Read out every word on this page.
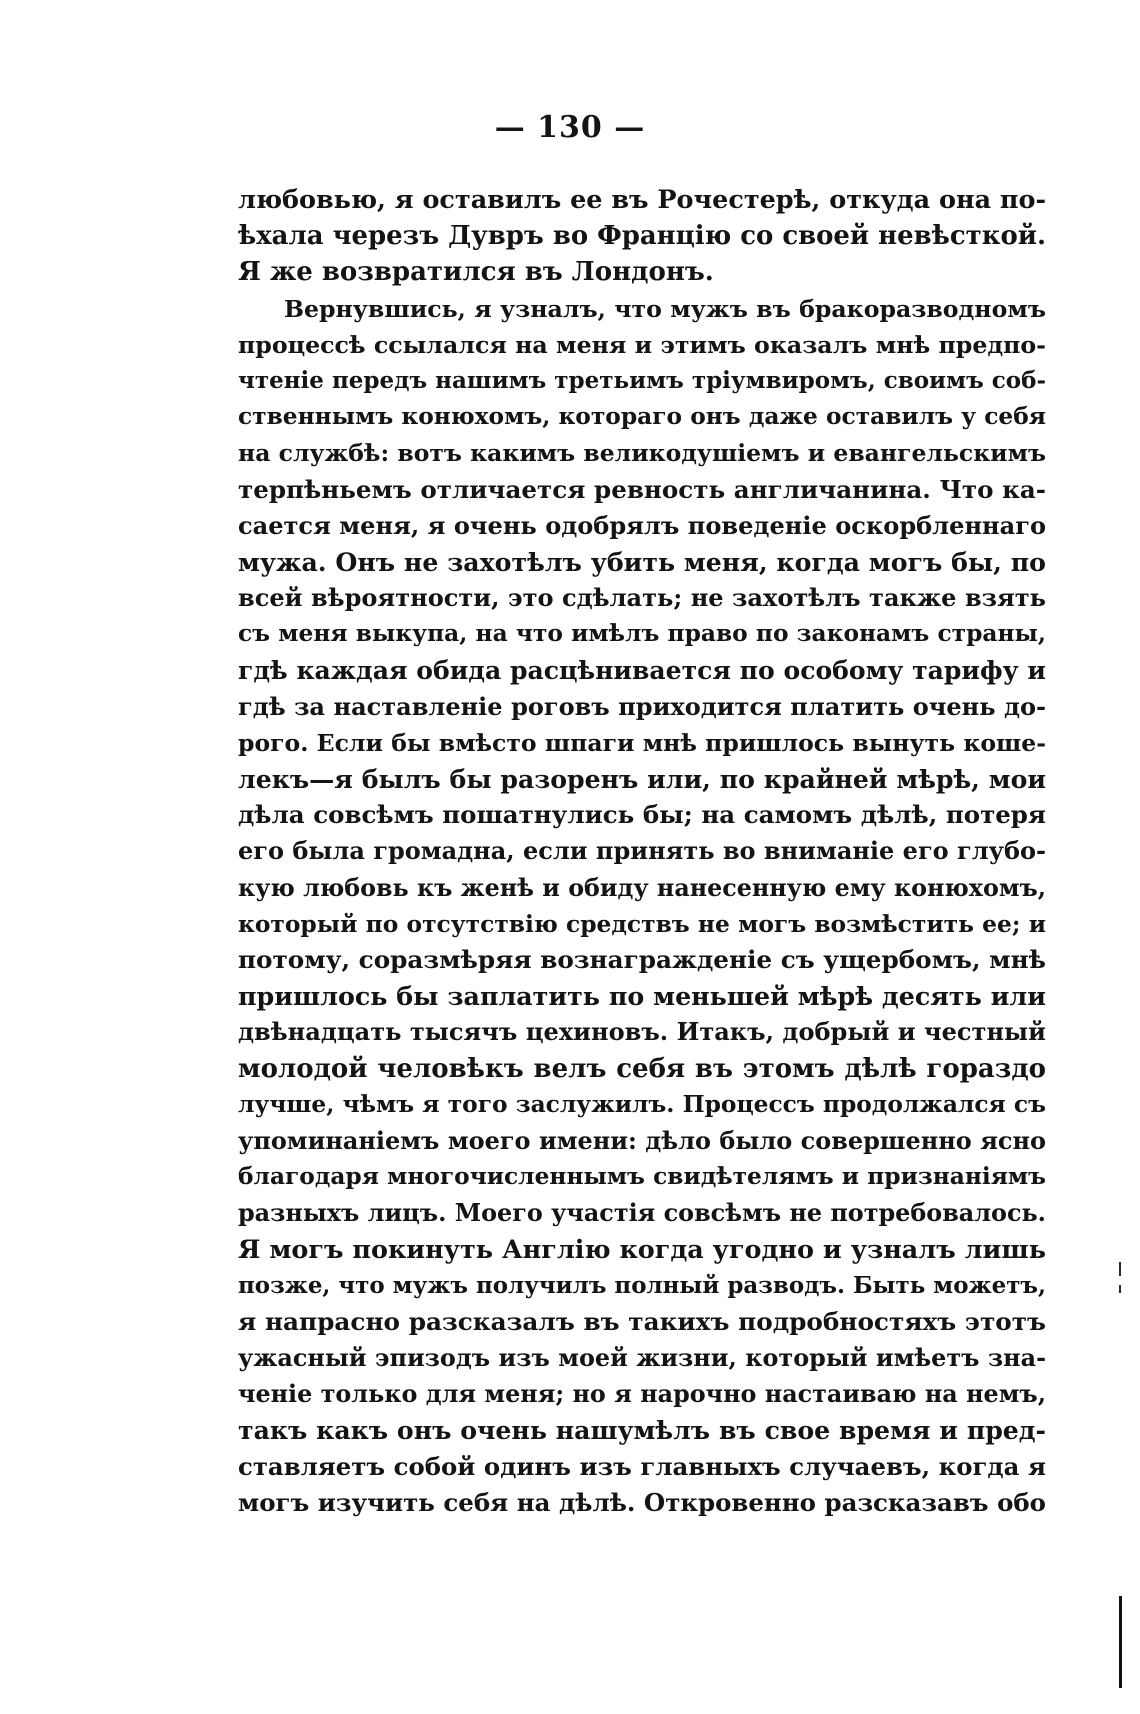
— 130 —
любовью, я оставилъ ее въ Рочестерѣ, откуда она по-
ѣхала черезъ Дувръ во Францію со своей невѣсткой.
Я же возвратился въ Лондонъ.
Вернувшись, я узналъ, что мужъ въ бракоразводномъ
процессѣ ссылался на меня и этимъ оказалъ мнѣ предпо-
чтеніе передъ нашимъ третьимъ тріумвиромъ, своимъ соб-
ственнымъ конюхомъ, котораго онъ даже оставилъ у себя
на службѣ: вотъ какимъ великодушіемъ и евангельскимъ
терпѣньемъ отличается ревность англичанина. Что ка-
сается меня, я очень одобрялъ поведеніе оскорбленнаго
мужа. Онъ не захотѣлъ убить меня, когда могъ бы, по
всей вѣроятности, это сдѣлать; не захотѣлъ также взять
съ меня выкупа, на что имѣлъ право по законамъ страны,
гдѣ каждая обида расцѣнивается по особому тарифу и
гдѣ за наставленіе роговъ приходится платить очень до-
рого. Если бы вмѣсто шпаги мнѣ пришлось вынуть коше-
лекъ—я былъ бы разоренъ или, по крайней мѣрѣ, мои
дѣла совсѣмъ пошатнулись бы; на самомъ дѣлѣ, потеря
его была громадна, если принять во вниманіе его глубо-
кую любовь къ женѣ и обиду нанесенную ему конюхомъ,
который по отсутствію средствъ не могъ возмѣстить ее; и
потому, соразмѣряя вознагражденіе съ ущербомъ, мнѣ
пришлось бы заплатить по меньшей мѣрѣ десять или
двѣнадцать тысячъ цехиновъ. Итакъ, добрый и честный
молодой человѣкъ велъ себя въ этомъ дѣлѣ гораздо
лучше, чѣмъ я того заслужилъ. Процессъ продолжался съ
упоминаніемъ моего имени: дѣло было совершенно ясно
благодаря многочисленнымъ свидѣтелямъ и признаніямъ
разныхъ лицъ. Моего участія совсѣмъ не потребовалось.
Я могъ покинуть Англію когда угодно и узналъ лишь
позже, что мужъ получилъ полный разводъ. Быть можетъ,
я напрасно разсказалъ въ такихъ подробностяхъ этотъ
ужасный эпизодъ изъ моей жизни, который имѣетъ зна-
ченіе только для меня; но я нарочно настаиваю на немъ,
такъ какъ онъ очень нашумѣлъ въ свое время и пред-
ставляетъ собой одинъ изъ главныхъ случаевъ, когда я
могъ изучить себя на дѣлѣ. Откровенно разсказавъ обо
